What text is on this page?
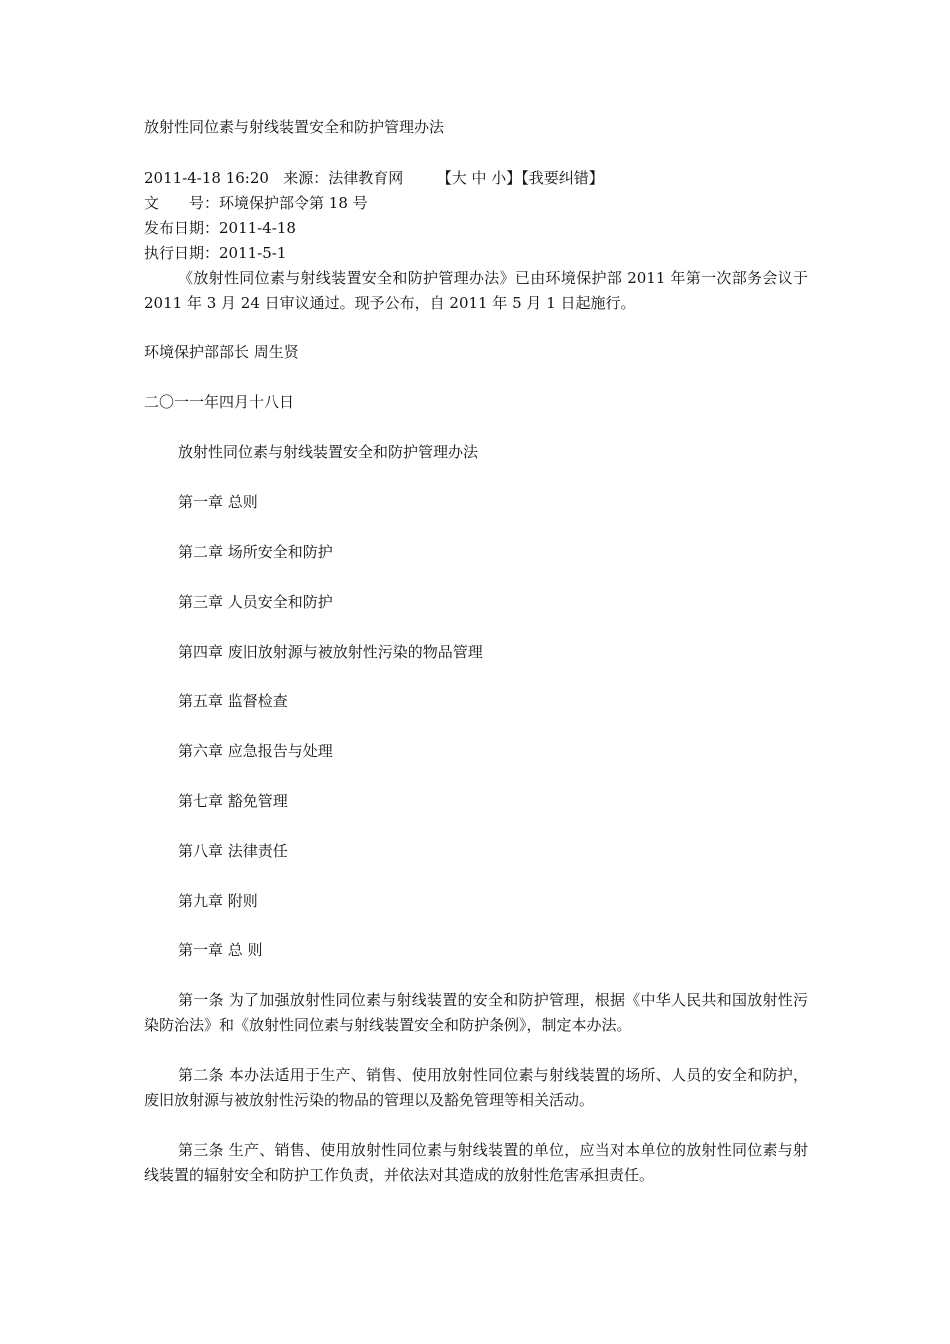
放射性同位素与射线装置安全和防护管理办法
2011-4-18 16:20 来源：法律教育网 【大 中 小】【我要纠错】
文　　号：环境保护部令第 18 号
发布日期：2011-4-18
执行日期：2011-5-1
《放射性同位素与射线装置安全和防护管理办法》已由环境保护部 2011 年第一次部务会议于 2011 年 3 月 24 日审议通过。现予公布，自 2011 年 5 月 1 日起施行。
环境保护部部长 周生贤
二〇一一年四月十八日
放射性同位素与射线装置安全和防护管理办法
第一章 总则
第二章 场所安全和防护
第三章 人员安全和防护
第四章 废旧放射源与被放射性污染的物品管理
第五章 监督检查
第六章 应急报告与处理
第七章 豁免管理
第八章 法律责任
第九章 附则
第一章 总 则
第一条 为了加强放射性同位素与射线装置的安全和防护管理，根据《中华人民共和国放射性污染防治法》和《放射性同位素与射线装置安全和防护条例》，制定本办法。
第二条 本办法适用于生产、销售、使用放射性同位素与射线装置的场所、人员的安全和防护，废旧放射源与被放射性污染的物品的管理以及豁免管理等相关活动。
第三条 生产、销售、使用放射性同位素与射线装置的单位，应当对本单位的放射性同位素与射线装置的辐射安全和防护工作负责，并依法对其造成的放射性危害承担责任。
